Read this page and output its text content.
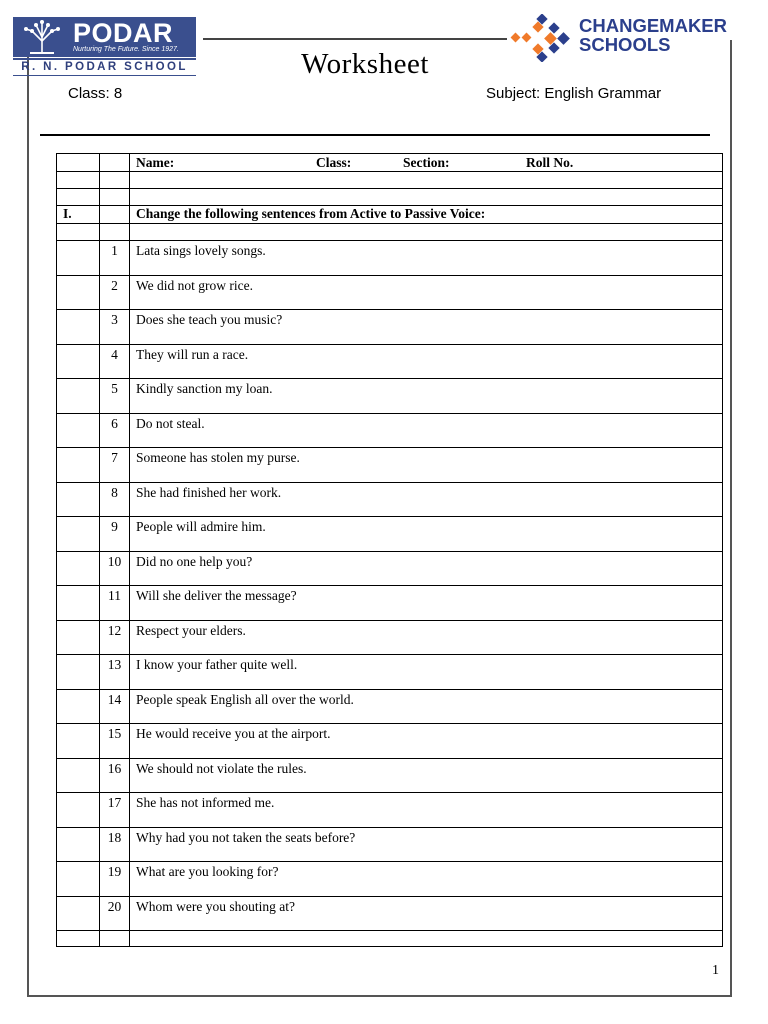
PODAR
Nurturing The Future. Since 1927.
R. N. PODAR SCHOOL
CHANGEMAKER
SCHOOLS
Worksheet
Class: 8	Subject: English Grammar

		Name: Class: Section: Roll No.

I.		Change the following sentences from Active to Passive Voice:

	1	Lata sings lovely songs.
	2	We did not grow rice.
	3	Does she teach you music?
	4	They will run a race.
	5	Kindly sanction my loan.
	6	Do not steal.
	7	Someone has stolen my purse.
	8	She had finished her work.
	9	People will admire him.
	10	Did no one help you?
	11	Will she deliver the message?
	12	Respect your elders.
	13	I know your father quite well.
	14	People speak English all over the world.
	15	He would receive you at the airport.
	16	We should not violate the rules.
	17	She has not informed me.
	18	Why had you not taken the seats before?
	19	What are you looking for?
	20	Whom were you shouting at?

1
